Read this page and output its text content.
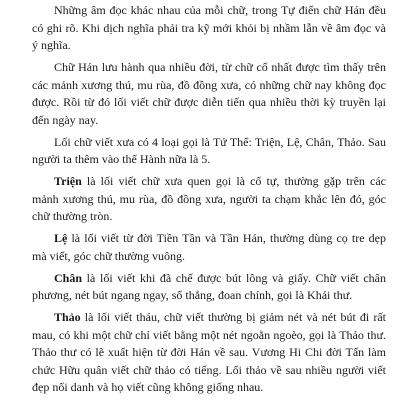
Những âm đọc khác nhau của mỗi chữ, trong Tự điển chữ Hán đều có ghi rõ. Khi dịch nghĩa phải tra kỹ mới khỏi bị nhầm lẫn về âm đọc và ý nghĩa.

Chữ Hán lưu hành qua nhiều đời, từ chữ cổ nhất được tìm thấy trên các mảnh xương thú, mu rùa, đồ đồng xưa, có những chữ nay không đọc được. Rồi từ đó lối viết chữ được diễn tiến qua nhiều thời kỳ truyền lại đến ngày nay.

Lối chữ viết xưa có 4 loại gọi là Tứ Thể: Triện, Lệ, Chân, Thảo. Sau người ta thêm vào thể Hành nữa là 5.

Triện là lối viết chữ xưa quen gọi là cổ tự, thường gặp trên các mảnh xương thú, mu rùa, đồ đồng xưa, người ta chạm khắc lên đó, góc chữ thường tròn.

Lệ là lối viết từ đời Tiền Tần và Tần Hán, thường dùng cọ tre dẹp mà viết, góc chữ thường vuông.

Chân là lối viết khi đã chế được bút lông và giấy. Chữ viết chân phương, nét bút ngang ngay, sổ thẳng, đoan chính, gọi là Khải thư.

Thảo là lối viết tháu, chữ viết thường bị giảm nét và nét bút đi rất mau, có khi một chữ chỉ viết bằng một nét ngoằn ngoèo, gọi là Thảo thư. Thảo thư có lẽ xuất hiện từ đời Hán về sau. Vương Hi Chi đời Tấn làm chức Hữu quân viết chữ thảo có tiếng. Lối thảo về sau nhiều người viết đẹp nổi danh và họ viết cũng không giống nhau.
